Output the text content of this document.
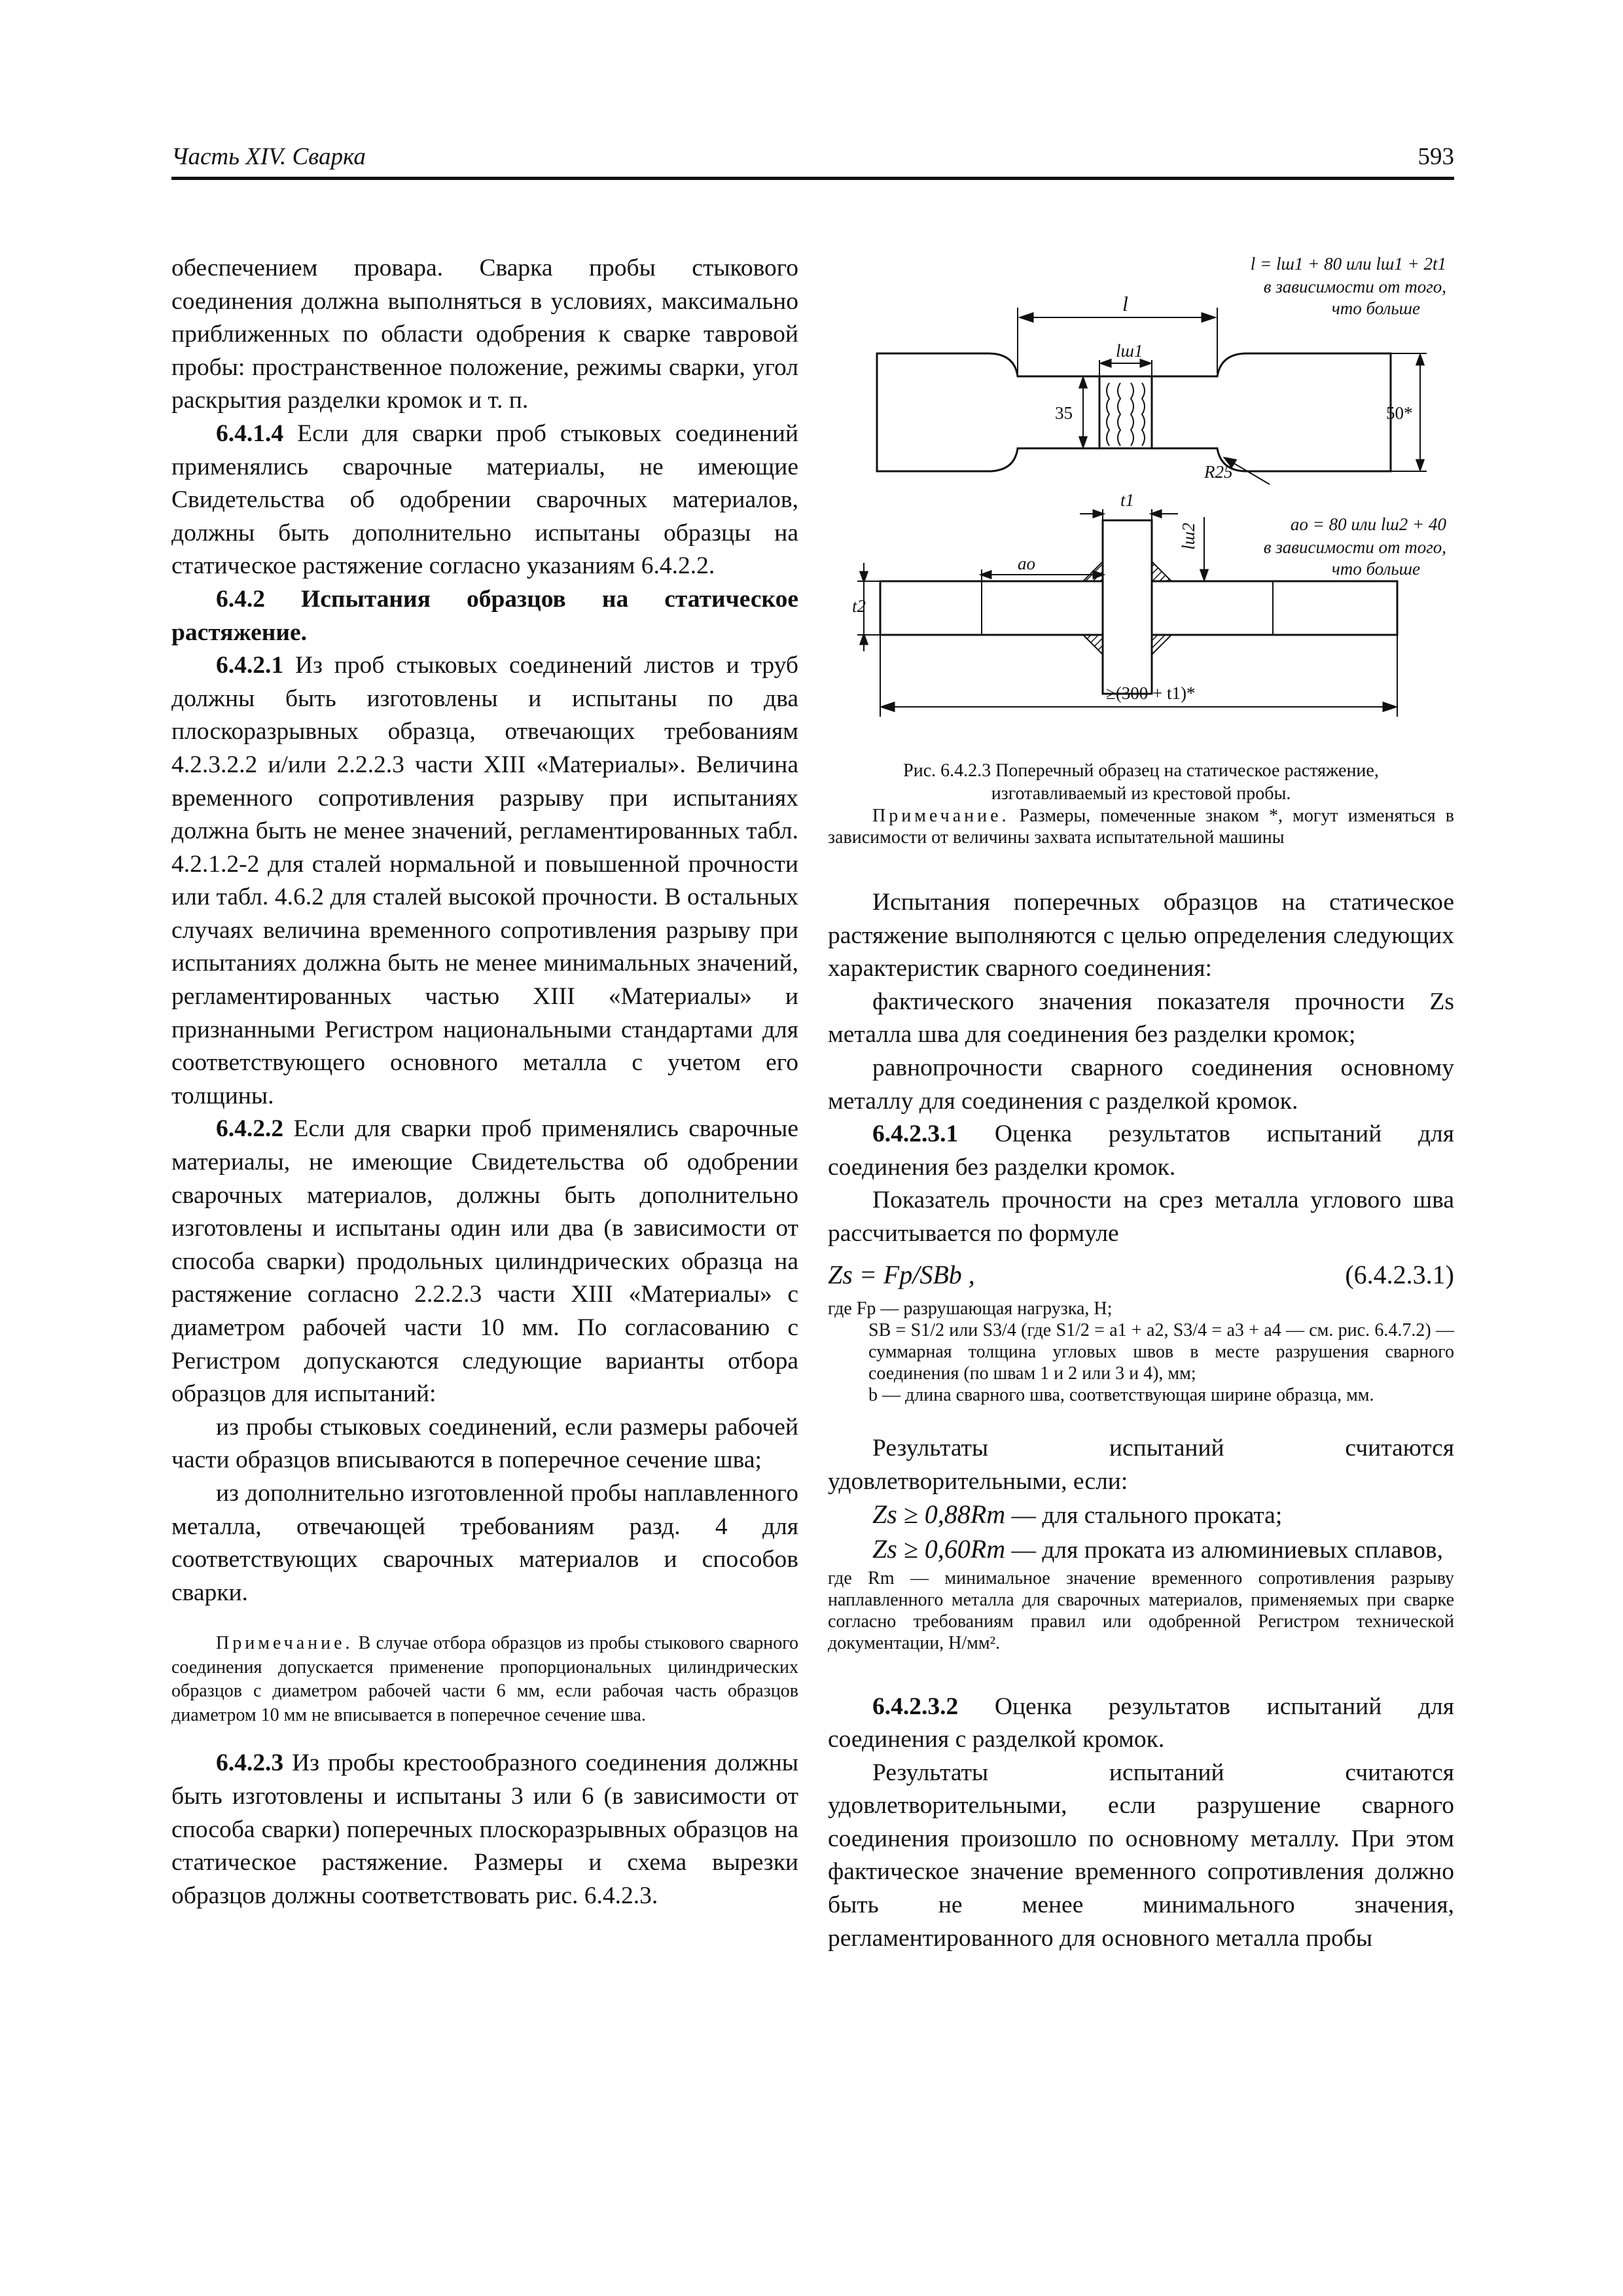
Часть XIV. Сварка	593

обеспечением провара. Сварка пробы стыкового соединения должна выполняться в условиях, максимально приближенных по области одобрения к сварке тавровой пробы: пространственное положение, режимы сварки, угол раскрытия разделки кромок и т. п.

6.4.1.4 Если для сварки проб стыковых соединений применялись сварочные материалы, не имеющие Свидетельства об одобрении сварочных материалов, должны быть дополнительно испытаны образцы на статическое растяжение согласно указаниям 6.4.2.2.

6.4.2 Испытания образцов на статическое растяжение.

6.4.2.1 Из проб стыковых соединений листов и труб должны быть изготовлены и испытаны по два плоскоразрывных образца, отвечающих требованиям 4.2.3.2.2 и/или 2.2.2.3 части XIII «Материалы». Величина временного сопротивления разрыву при испытаниях должна быть не менее значений, регламентированных табл. 4.2.1.2-2 для сталей нормальной и повышенной прочности или табл. 4.6.2 для сталей высокой прочности. В остальных случаях величина временного сопротивления разрыву при испытаниях должна быть не менее минимальных значений, регламентированных частью XIII «Материалы» и признанными Регистром национальными стандартами для соответствующего основного металла с учетом его толщины.

6.4.2.2 Если для сварки проб применялись сварочные материалы, не имеющие Свидетельства об одобрении сварочных материалов, должны быть дополнительно изготовлены и испытаны один или два (в зависимости от способа сварки) продольных цилиндрических образца на растяжение согласно 2.2.2.3 части XIII «Материалы» с диаметром рабочей части 10 мм. По согласованию с Регистром допускаются следующие варианты отбора образцов для испытаний:

из пробы стыковых соединений, если размеры рабочей части образцов вписываются в поперечное сечение шва;

из дополнительно изготовленной пробы наплавленного металла, отвечающей требованиям разд. 4 для соответствующих сварочных материалов и способов сварки.

Примечание. В случае отбора образцов из пробы стыкового сварного соединения допускается применение пропорциональных цилиндрических образцов с диаметром рабочей части 6 мм, если рабочая часть образцов диаметром 10 мм не вписывается в поперечное сечение шва.

6.4.2.3 Из пробы крестообразного соединения должны быть изготовлены и испытаны 3 или 6 (в зависимости от способа сварки) поперечных плоскоразрывных образцов на статическое растяжение. Размеры и схема вырезки образцов должны соответствовать рис. 6.4.2.3.

l = lш1 + 80 или lш1 + 2t1
в зависимости от того,
что больше
l
lш1
35	50*
R25
t1
lш2
ao
t2
ao = 80 или lш2 + 40
в зависимости от того,
что больше
≥(300 + t1)*
Рис. 6.4.2.3 Поперечный образец на статическое растяжение,
изготавливаемый из крестовой пробы.

Примечание. Размеры, помеченные знаком *, могут изменяться в зависимости от величины захвата испытательной машины

Испытания поперечных образцов на статическое растяжение выполняются с целью определения следующих характеристик сварного соединения:

фактического значения показателя прочности Zs металла шва для соединения без разделки кромок;

равнопрочности сварного соединения основному металлу для соединения с разделкой кромок.

6.4.2.3.1 Оценка результатов испытаний для соединения без разделки кромок.

Показатель прочности на срез металла углового шва рассчитывается по формуле

Zs = Fp/SBb ,	(6.4.2.3.1)
где Fp — разрушающая нагрузка, Н;
SB = S1/2 или S3/4 (где S1/2 = a1 + a2, S3/4 = a3 + a4 — см. рис. 6.4.7.2) — суммарная толщина угловых швов в месте разрушения сварного соединения (по швам 1 и 2 или 3 и 4), мм;
b — длина сварного шва, соответствующая ширине образца, мм.

Результаты испытаний считаются удовлетворительными, если:

Zs ≥ 0,88Rm — для стального проката;

Zs ≥ 0,60Rm — для проката из алюминиевых сплавов,

где Rm — минимальное значение временного сопротивления разрыву наплавленного металла для сварочных материалов, применяемых при сварке согласно требованиям правил или одобренной Регистром технической документации, Н/мм².

6.4.2.3.2 Оценка результатов испытаний для соединения с разделкой кромок.

Результаты испытаний считаются удовлетворительными, если разрушение сварного соединения произошло по основному металлу. При этом фактическое значение временного сопротивления должно быть не менее минимального значения, регламентированного для основного металла пробы
